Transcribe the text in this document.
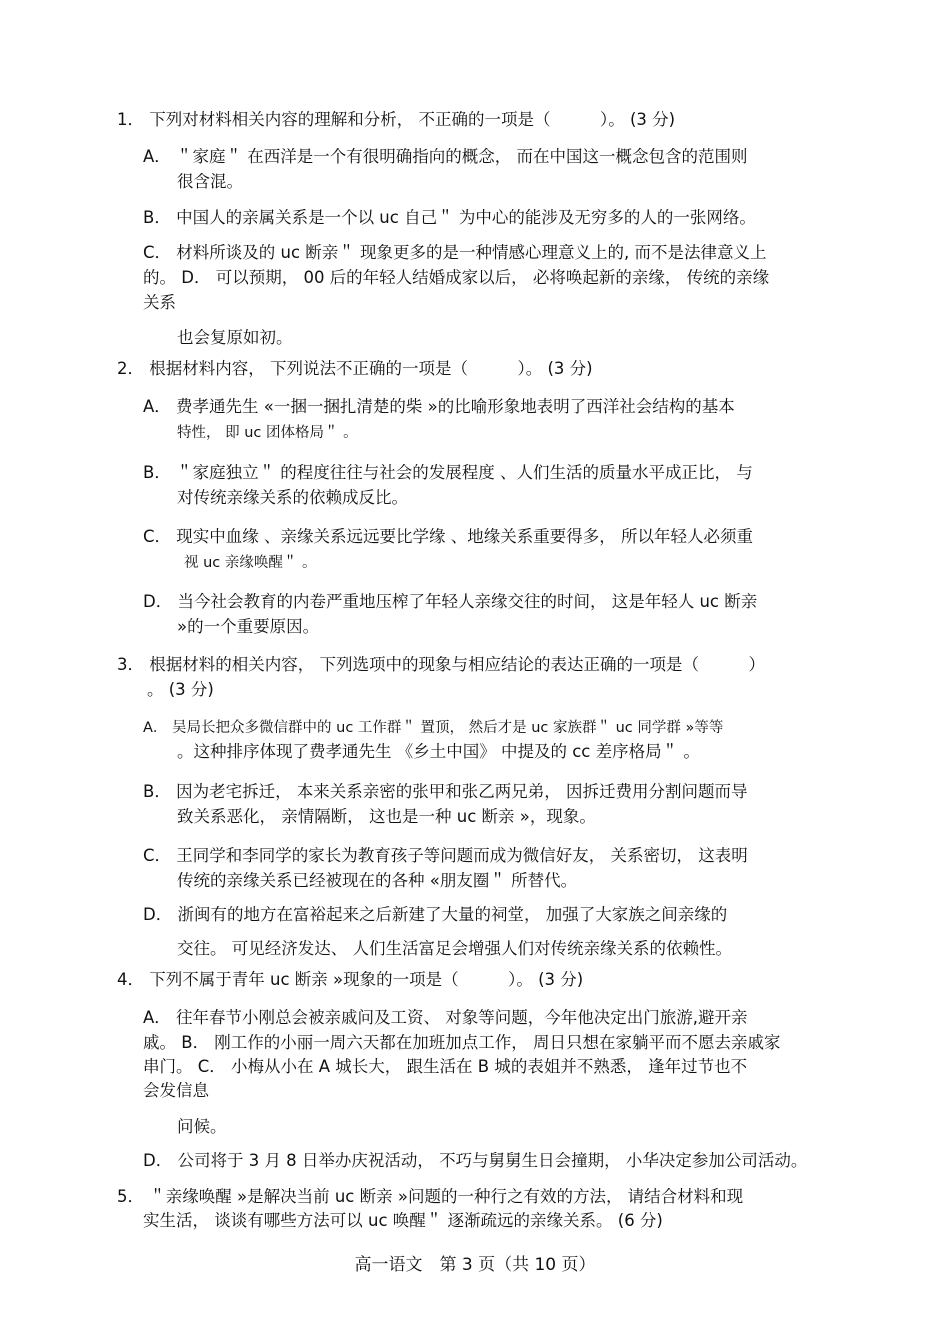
1． 下列对材料相关内容的理解和分析， 不正确的一项是（　　　）。 (3 分)
A． ＂家庭＂ 在西洋是一个有很明确指向的概念， 而在中国这一概念包含的范围则
很含混。
B． 中国人的亲属关系是一个以 uc 自己＂ 为中心的能涉及无穷多的人的一张网络。
C． 材料所谈及的 uc 断亲＂ 现象更多的是一种情感心理意义上的, 而不是法律意义上
的。 D． 可以预期， 00 后的年轻人结婚成家以后， 必将唤起新的亲缘， 传统的亲缘
关系
也会复原如初。
2． 根据材料内容， 下列说法不正确的一项是（　　　）。 (3 分)
A． 费孝通先生 «一捆一捆扎清楚的柴 »的比喻形象地表明了西洋社会结构的基本
特性， 即 uc 团体格局＂ 。
B． ＂家庭独立＂ 的程度往往与社会的发展程度 、人们生活的质量水平成正比， 与
对传统亲缘关系的依赖成反比。
C． 现实中血缘 、亲缘关系远远要比学缘 、地缘关系重要得多， 所以年轻人必须重
视 uc 亲缘唤醒＂ 。
D． 当今社会教育的内卷严重地压榨了年轻人亲缘交往的时间， 这是年轻人 uc 断亲
»的一个重要原因。
3． 根据材料的相关内容， 下列选项中的现象与相应结论的表达正确的一项是（　　　）
。 (3 分)
A． 吴局长把众多微信群中的 uc 工作群＂ 置顶， 然后才是 uc 家族群＂ uc 同学群 »等等
。这种排序体现了费孝通先生 《乡土中国》 中提及的 cc 差序格局＂ 。
B． 因为老宅拆迁， 本来关系亲密的张甲和张乙两兄弟， 因拆迁费用分割问题而导
致关系恶化， 亲情隔断， 这也是一种 uc 断亲 »，现象。
C． 王同学和李同学的家长为教育孩子等问题而成为微信好友， 关系密切， 这表明
传统的亲缘关系已经被现在的各种 «朋友圈＂ 所替代。
D． 浙闽有的地方在富裕起来之后新建了大量的祠堂， 加强了大家族之间亲缘的
交往。 可见经济发达、 人们生活富足会增强人们对传统亲缘关系的依赖性。
4． 下列不属于青年 uc 断亲 »现象的一项是（　　　）。 (3 分)
A． 往年春节小刚总会被亲戚问及工资、 对象等问题，今年他决定出门旅游,避开亲
戚。 B． 刚工作的小丽一周六天都在加班加点工作， 周日只想在家躺平而不愿去亲戚家
串门。 C． 小梅从小在 A 城长大， 跟生活在 B 城的表姐并不熟悉， 逢年过节也不
会发信息
问候。
D． 公司将于 3 月 8 日举办庆祝活动， 不巧与舅舅生日会撞期， 小华决定参加公司活动。
5． ＂亲缘唤醒 »是解决当前 uc 断亲 »问题的一种行之有效的方法， 请结合材料和现
实生活， 谈谈有哪些方法可以 uc 唤醒＂ 逐渐疏远的亲缘关系。 (6 分)
高一语文　第 3 页（共 10 页）
